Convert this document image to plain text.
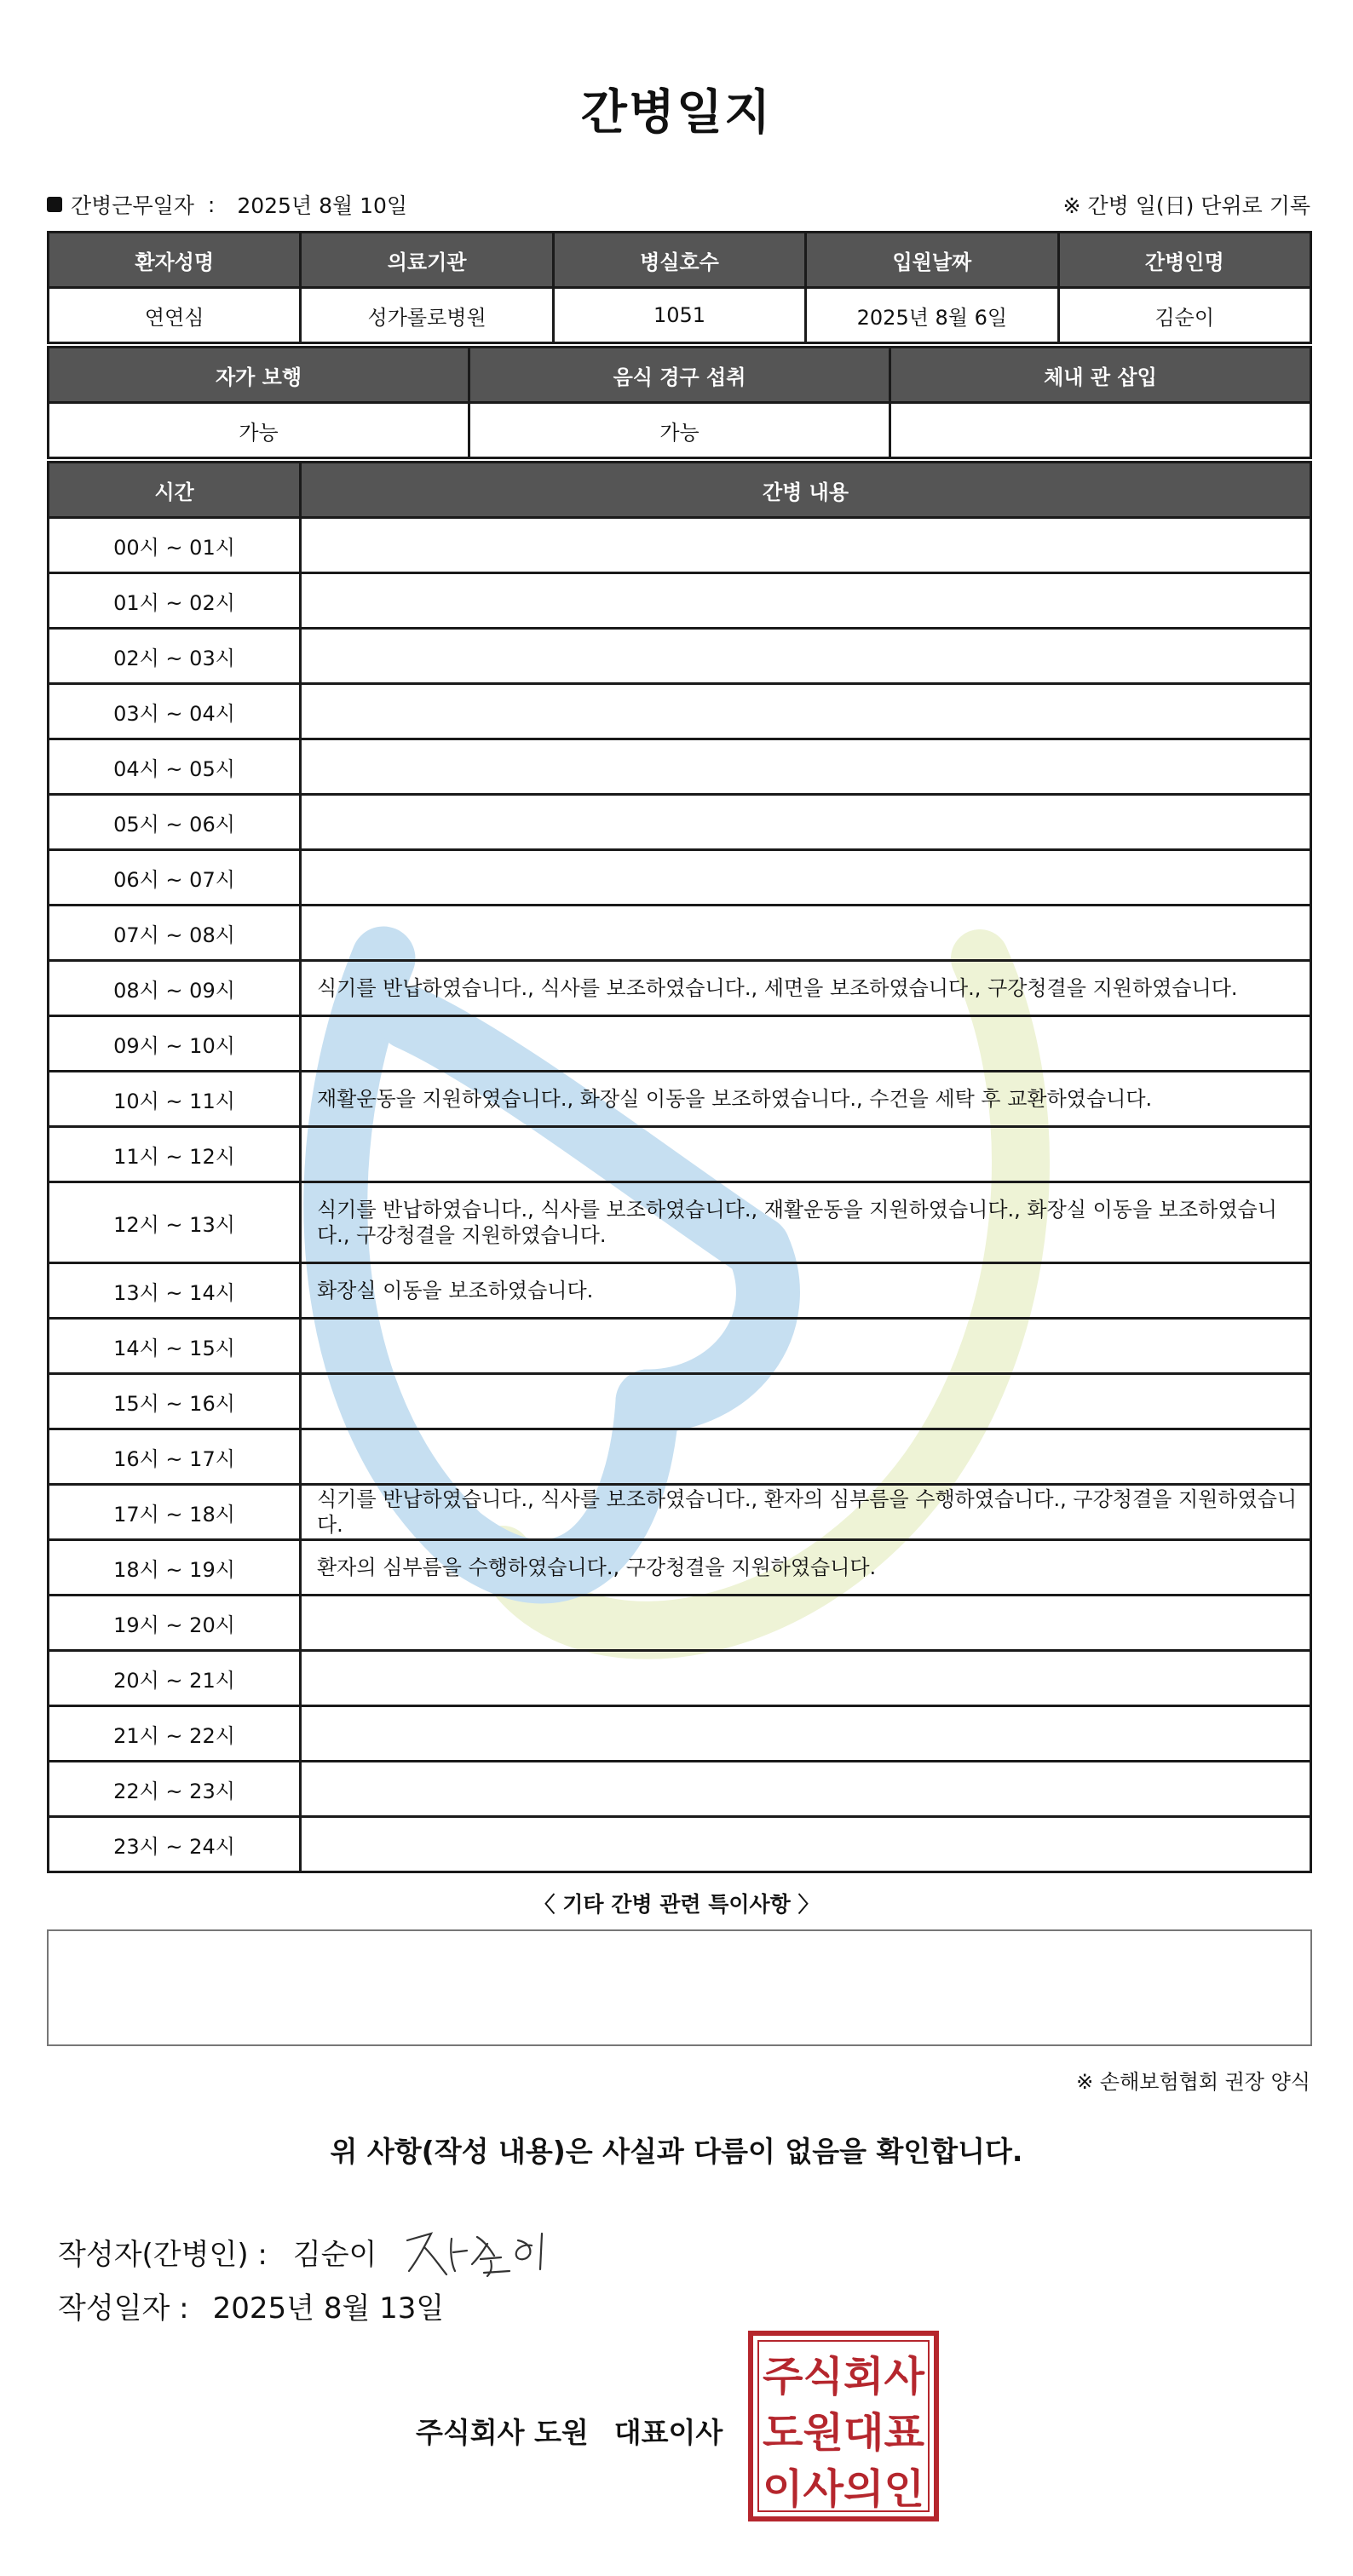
간병일지
간병근무일자 : 2025년 8월 10일	※ 간병 일(日) 단위로 기록
환자성명	의료기관	병실호수	입원날짜	간병인명
연연심	성가롤로병원	1051	2025년 8월 6일	김순이
자가 보행	음식 경구 섭취	체내 관 삽입
가능	가능	
시간	간병 내용
00시 ~ 01시	
01시 ~ 02시	
02시 ~ 03시	
03시 ~ 04시	
04시 ~ 05시	
05시 ~ 06시	
06시 ~ 07시	
07시 ~ 08시	
08시 ~ 09시	식기를 반납하였습니다., 식사를 보조하였습니다., 세면을 보조하였습니다., 구강청결을 지원하였습니다.
09시 ~ 10시	
10시 ~ 11시	재활운동을 지원하였습니다., 화장실 이동을 보조하였습니다., 수건을 세탁 후 교환하였습니다.
11시 ~ 12시	
12시 ~ 13시	식기를 반납하였습니다., 식사를 보조하였습니다., 재활운동을 지원하였습니다., 화장실 이동을 보조하였습니다., 구강청결을 지원하였습니다.
13시 ~ 14시	화장실 이동을 보조하였습니다.
14시 ~ 15시	
15시 ~ 16시	
16시 ~ 17시	
17시 ~ 18시	식기를 반납하였습니다., 식사를 보조하였습니다., 환자의 심부름을 수행하였습니다., 구강청결을 지원하였습니다.
18시 ~ 19시	환자의 심부름을 수행하였습니다., 구강청결을 지원하였습니다.
19시 ~ 20시	
20시 ~ 21시	
21시 ~ 22시	
22시 ~ 23시	
23시 ~ 24시	
〈 기타 간병 관련 특이사항 〉
※ 손해보험협회 권장 양식
위 사항(작성 내용)은 사실과 다름이 없음을 확인합니다.
작성자(간병인) : 김순이
작성일자 : 2025년 8월 13일
주식회사 도원 대표이사
주식회사
도원대표
이사의인
